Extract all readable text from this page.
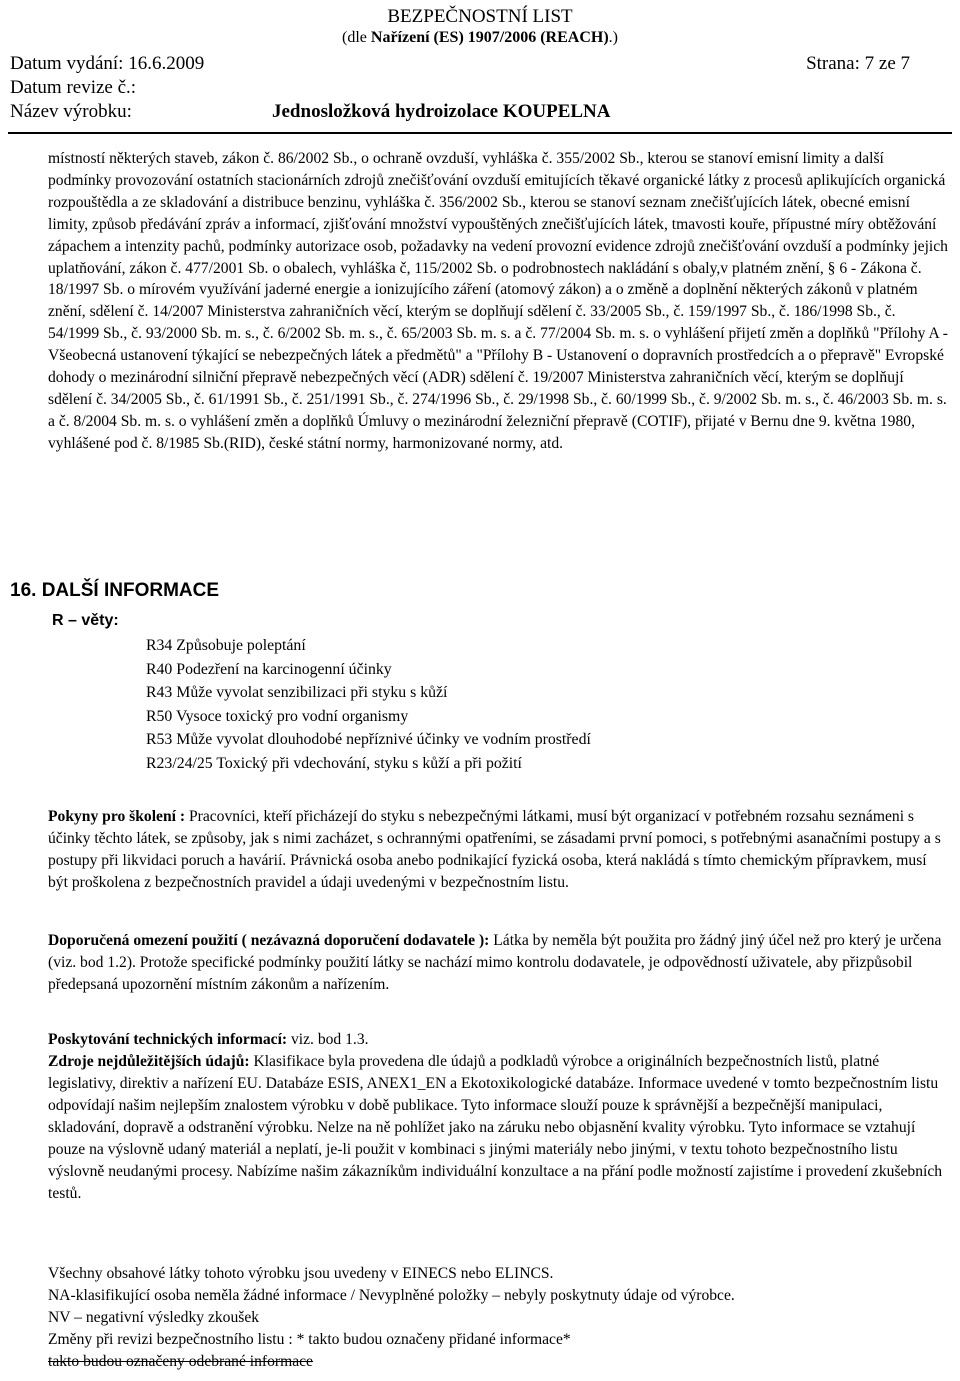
BEZPEČNOSTNÍ LIST
(dle Nařízení (ES) 1907/2006 (REACH).)
Datum vydání: 16.6.2009	Strana: 7 ze 7
Datum revize č.:
Název výrobku:	Jednosložková hydroizolace KOUPELNA

místností některých staveb, zákon č. 86/2002 Sb., o ochraně ovzduší, vyhláška č. 355/2002 Sb., kterou se stanoví emisní limity a další podmínky provozování ostatních stacionárních zdrojů znečišťování ovzduší emitujících těkavé organické látky z procesů aplikujících organická rozpouštědla a ze skladování a distribuce benzinu, vyhláška č. 356/2002 Sb., kterou se stanoví seznam znečišťujících látek, obecné emisní limity, způsob předávání zpráv a informací, zjišťování množství vypouštěných znečišťujících látek, tmavosti kouře, přípustné míry obtěžování zápachem a intenzity pachů, podmínky autorizace osob, požadavky na vedení provozní evidence zdrojů znečišťování ovzduší a podmínky jejich uplatňování, zákon č. 477/2001 Sb. o obalech, vyhláška č, 115/2002 Sb. o podrobnostech nakládání s obaly,v platném znění, § 6 - Zákona č. 18/1997 Sb. o mírovém využívání jaderné energie a ionizujícího záření (atomový zákon) a o změně a doplnění některých zákonů v platném znění, sdělení č. 14/2007 Ministerstva zahraničních věcí, kterým se doplňují sdělení č. 33/2005 Sb., č. 159/1997 Sb., č. 186/1998 Sb., č. 54/1999 Sb., č. 93/2000 Sb. m. s., č. 6/2002 Sb. m. s., č. 65/2003 Sb. m. s. a č. 77/2004 Sb. m. s. o vyhlášení přijetí změn a doplňků "Přílohy A - Všeobecná ustanovení týkající se nebezpečných látek a předmětů" a "Přílohy B - Ustanovení o dopravních prostředcích a o přepravě" Evropské dohody o mezinárodní silniční přepravě nebezpečných věcí (ADR) sdělení č. 19/2007 Ministerstva zahraničních věcí, kterým se doplňují sdělení č. 34/2005 Sb., č. 61/1991 Sb., č. 251/1991 Sb., č. 274/1996 Sb., č. 29/1998 Sb., č. 60/1999 Sb., č. 9/2002 Sb. m. s., č. 46/2003 Sb. m. s. a č. 8/2004 Sb. m. s. o vyhlášení změn a doplňků Úmluvy o mezinárodní železniční přepravě (COTIF), přijaté v Bernu dne 9. května 1980, vyhlášené pod č. 8/1985 Sb.(RID), české státní normy, harmonizované normy, atd.

16. DALŠÍ INFORMACE
R – věty:
R34 Způsobuje poleptání
R40 Podezření na karcinogenní účinky
R43 Může vyvolat senzibilizaci při styku s kůží
R50 Vysoce toxický pro vodní organismy
R53 Může vyvolat dlouhodobé nepříznivé účinky ve vodním prostředí
R23/24/25 Toxický při vdechování, styku s kůží a při požití

Pokyny pro školení : Pracovníci, kteří přicházejí do styku s nebezpečnými látkami, musí být organizací v potřebném rozsahu seznámeni s účinky těchto látek, se způsoby, jak s nimi zacházet, s ochrannými opatřeními, se zásadami první pomoci, s potřebnými asanačními postupy a s postupy při likvidaci poruch a havárií. Právnická osoba anebo podnikající fyzická osoba, která nakládá s tímto chemickým přípravkem, musí být proškolena z bezpečnostních pravidel a údaji uvedenými v bezpečnostním listu.

Doporučená omezení použití ( nezávazná doporučení dodavatele ): Látka by neměla být použita pro žádný jiný účel než pro který je určena (viz. bod 1.2). Protože specifické podmínky použití látky se nachází mimo kontrolu dodavatele, je odpovědností uživatele, aby přizpůsobil předepsaná upozornění místním zákonům a nařízením.

Poskytování technických informací: viz. bod 1.3.

Zdroje nejdůležitějších údajů: Klasifikace byla provedena dle údajů a podkladů výrobce a originálních bezpečnostních listů, platné legislativy, direktiv a nařízení EU. Databáze ESIS, ANEX1_EN a Ekotoxikologické databáze. Informace uvedené v tomto bezpečnostním listu odpovídají našim nejlepším znalostem výrobku v době publikace. Tyto informace slouží pouze k správnější a bezpečnější manipulaci, skladování, dopravě a odstranění výrobku. Nelze na ně pohlížet jako na záruku nebo objasnění kvality výrobku. Tyto informace se vztahují pouze na výslovně udaný materiál a neplatí, je-li použit v kombinaci s jinými materiály nebo jinými, v textu tohoto bezpečnostního listu výslovně neudanými procesy. Nabízíme našim zákazníkům individuální konzultace a na přání podle možností zajistíme i provedení zkušebních testů.

Všechny obsahové látky tohoto výrobku jsou uvedeny v EINECS nebo ELINCS.

NA-klasifikující osoba neměla žádné informace / Nevyplněné položky – nebyly poskytnuty údaje od výrobce.

NV – negativní výsledky zkoušek

Změny při revizi bezpečnostního listu : * takto budou označeny přidané informace*

takto budou označeny odebrané informace
